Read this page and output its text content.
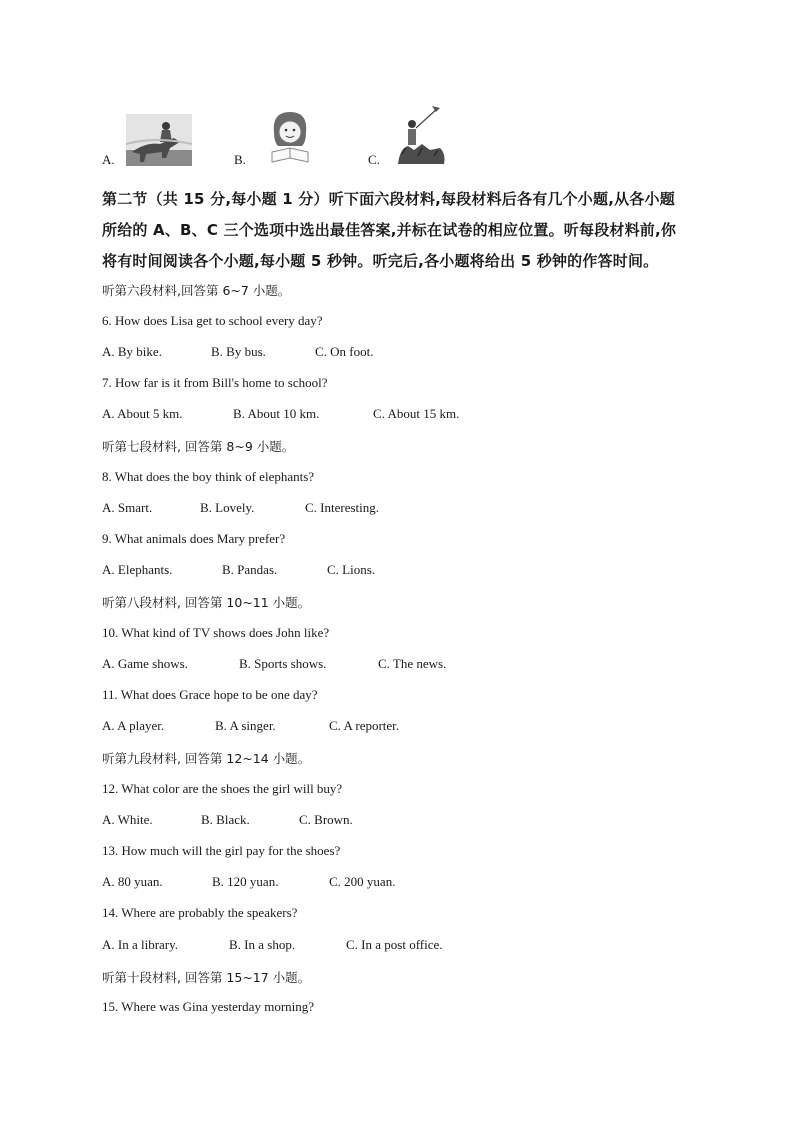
A.	B.	C.
第二节（共 15 分,每小题 1 分）听下面六段材料,每段材料后各有几个小题,从各小题
所给的 A、B、C 三个选项中选出最佳答案,并标在试卷的相应位置。听每段材料前,你
将有时间阅读各个小题,每小题 5 秒钟。听完后,各小题将给出 5 秒钟的作答时间。
听第六段材料,回答第 6~7 小题。
6. How does Lisa get to school every day?
A. By bike.	B. By bus.	C. On foot.
7. How far is it from Bill's home to school?
A. About 5 km.	B. About 10 km.	C. About 15 km.
听第七段材料, 回答第 8~9 小题。
8. What does the boy think of elephants?
A. Smart.	B. Lovely.	C. Interesting.
9. What animals does Mary prefer?
A. Elephants.	B. Pandas.	C. Lions.
听第八段材料, 回答第 10~11 小题。
10. What kind of TV shows does John like?
A. Game shows.	B. Sports shows.	C. The news.
11. What does Grace hope to be one day?
A. A player.	B. A singer.	C. A reporter.
听第九段材料, 回答第 12~14 小题。
12. What color are the shoes the girl will buy?
A. White.	B. Black.	C. Brown.
13. How much will the girl pay for the shoes?
A. 80 yuan.	B. 120 yuan.	C. 200 yuan.
14. Where are probably the speakers?
A. In a library.	B. In a shop.	C. In a post office.
听第十段材料, 回答第 15~17 小题。
15. Where was Gina yesterday morning?
